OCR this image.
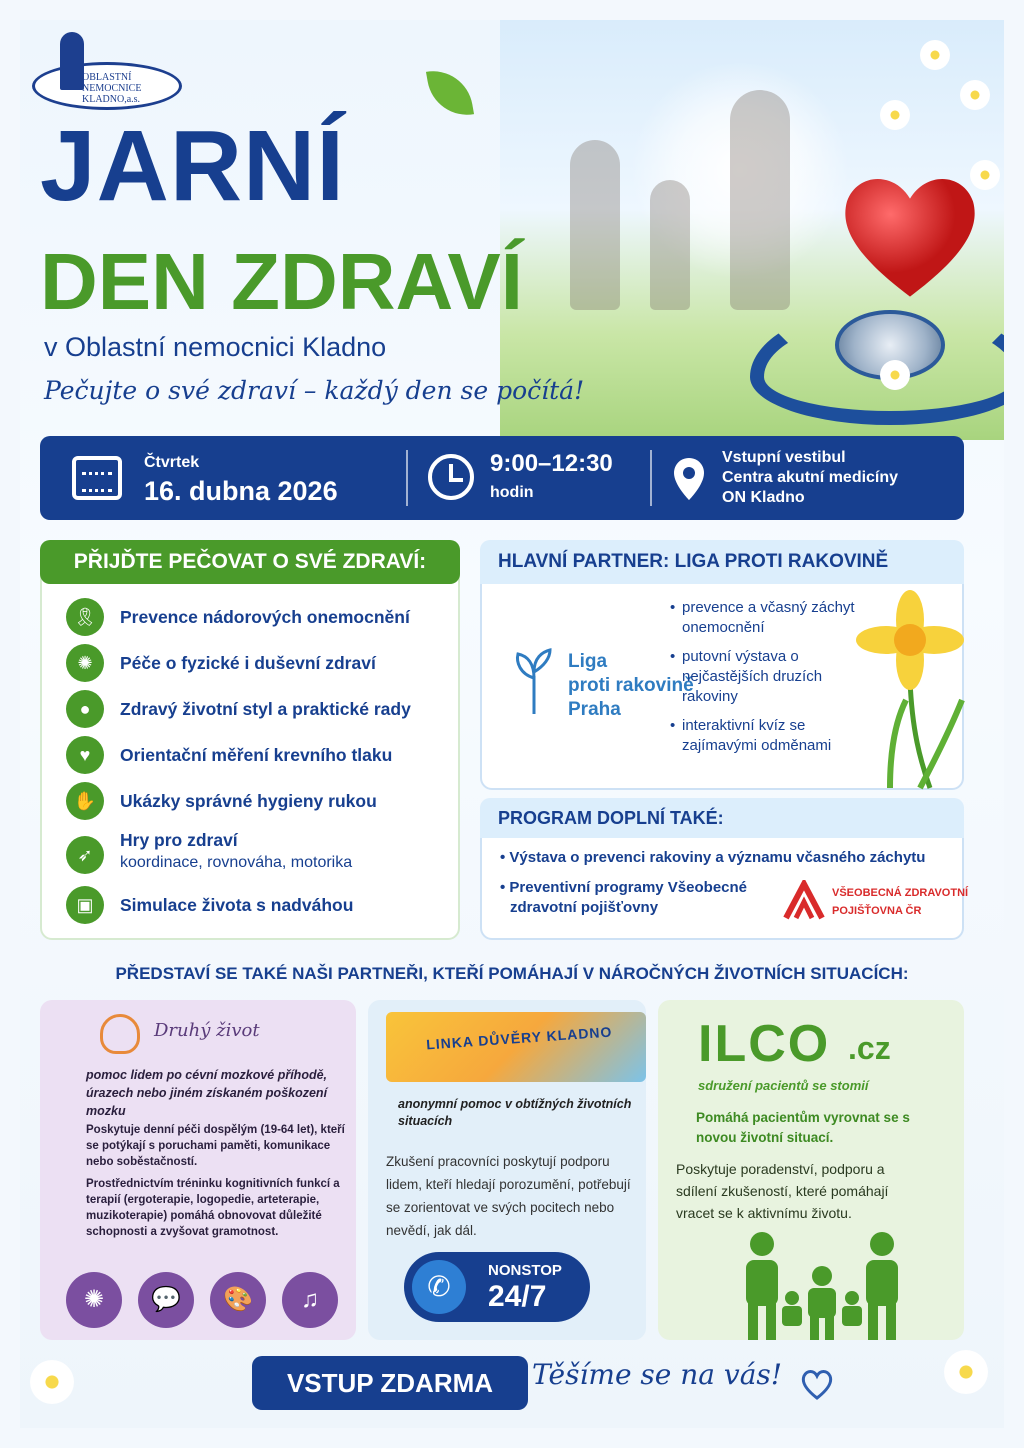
OBLASTNÍ
NEMOCNICE
KLADNO,a.s.
JARNÍ
DEN ZDRAVÍ
v Oblastní nemocnici Kladno
Pečujte o své zdraví – každý den se počítá!
Čtvrtek
16. dubna 2026
9:00–12:30
hodin
Vstupní vestibul
Centra akutní medicíny
ON Kladno
PŘIJĎTE PEČOVAT O SVÉ ZDRAVÍ:
🎗	Prevence nádorových onemocnění
✺	Péče o fyzické i duševní zdraví
●	Zdravý životní styl a praktické rady
♥	Orientační měření krevního tlaku
✋	Ukázky správné hygieny rukou
➶
Hry pro zdraví
koordinace, rovnováha, motorika
▣	Simulace života s nadváhou
HLAVNÍ PARTNER: LIGA PROTI RAKOVINĚ
Liga
proti rakovině
Praha
• prevence a včasný záchyt onemocnění
• putovní výstava o nejčastějších druzích rakoviny
• interaktivní kvíz se zajímavými odměnami
PROGRAM DOPLNÍ TAKÉ:
• Výstava o prevenci rakoviny a významu včasného záchytu
• Preventivní programy Všeobecné
zdravotní pojišťovny
VŠEOBECNÁ ZDRAVOTNÍ
POJIŠŤOVNA ČR
PŘEDSTAVÍ SE TAKÉ NAŠI PARTNEŘI, KTEŘÍ POMÁHAJÍ V NÁROČNÝCH ŽIVOTNÍCH SITUACÍCH:
Druhý život
pomoc lidem po cévní mozkové příhodě, úrazech nebo jiném získaném poškození mozku
Poskytuje denní péči dospělým (19-64 let), kteří se potýkají s poruchami paměti, komunikace nebo soběstačností.
Prostřednictvím tréninku kognitivních funkcí a terapií (ergoterapie, logopedie, arteterapie, muzikoterapie) pomáhá obnovovat důležité schopnosti a zvyšovat gramotnost.
✺	💬	🎨	♫
LINKA DŮVĚRY KLADNO
anonymní pomoc v obtížných životních situacích
Zkušení pracovníci poskytují podporu lidem, kteří hledají porozumění, potřebují se zorientovat ve svých pocitech nebo nevědí, jak dál.
✆
NONSTOP
24/7
ILCO .cz
sdružení pacientů se stomií
Pomáhá pacientům vyrovnat se s novou životní situací.
Poskytuje poradenství, podporu a sdílení zkušeností, které pomáhají vracet se k aktivnímu životu.
VSTUP ZDARMA	Těšíme se na vás!
